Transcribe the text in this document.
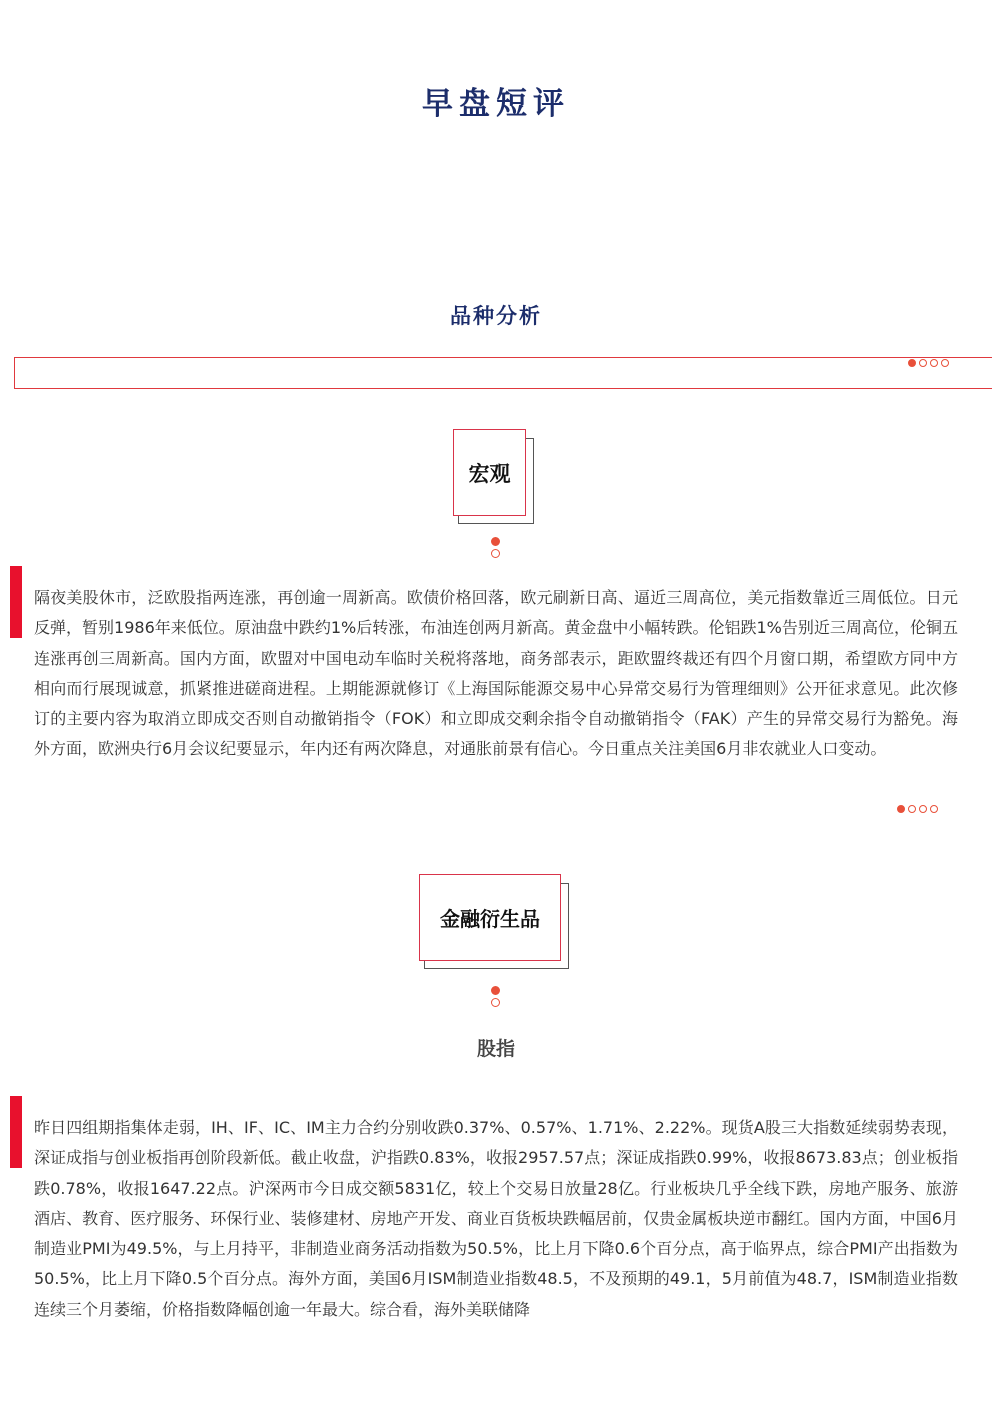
早盘短评
品种分析
宏观
隔夜美股休市，泛欧股指两连涨，再创逾一周新高。欧债价格回落，欧元刷新日高、逼近三周高位，美元指数靠近三周低位。日元反弹，暂别1986年来低位。原油盘中跌约1%后转涨，布油连创两月新高。黄金盘中小幅转跌。伦铝跌1%告别近三周高位，伦铜五连涨再创三周新高。国内方面，欧盟对中国电动车临时关税将落地，商务部表示，距欧盟终裁还有四个月窗口期，希望欧方同中方相向而行展现诚意，抓紧推进磋商进程。上期能源就修订《上海国际能源交易中心异常交易行为管理细则》公开征求意见。此次修订的主要内容为取消立即成交否则自动撤销指令（FOK）和立即成交剩余指令自动撤销指令（FAK）产生的异常交易行为豁免。海外方面，欧洲央行6月会议纪要显示，年内还有两次降息，对通胀前景有信心。今日重点关注美国6月非农就业人口变动。
金融衍生品
股指
昨日四组期指集体走弱，IH、IF、IC、IM主力合约分别收跌0.37%、0.57%、1.71%、2.22%。现货A股三大指数延续弱势表现，深证成指与创业板指再创阶段新低。截止收盘，沪指跌0.83%，收报2957.57点；深证成指跌0.99%，收报8673.83点；创业板指跌0.78%，收报1647.22点。沪深两市今日成交额5831亿，较上个交易日放量28亿。行业板块几乎全线下跌，房地产服务、旅游酒店、教育、医疗服务、环保行业、装修建材、房地产开发、商业百货板块跌幅居前，仅贵金属板块逆市翻红。国内方面，中国6月制造业PMI为49.5%，与上月持平，非制造业商务活动指数为50.5%，比上月下降0.6个百分点，高于临界点，综合PMI产出指数为50.5%，比上月下降0.5个百分点。海外方面，美国6月ISM制造业指数48.5，不及预期的49.1，5月前值为48.7，ISM制造业指数连续三个月萎缩，价格指数降幅创逾一年最大。综合看，海外美联储降
